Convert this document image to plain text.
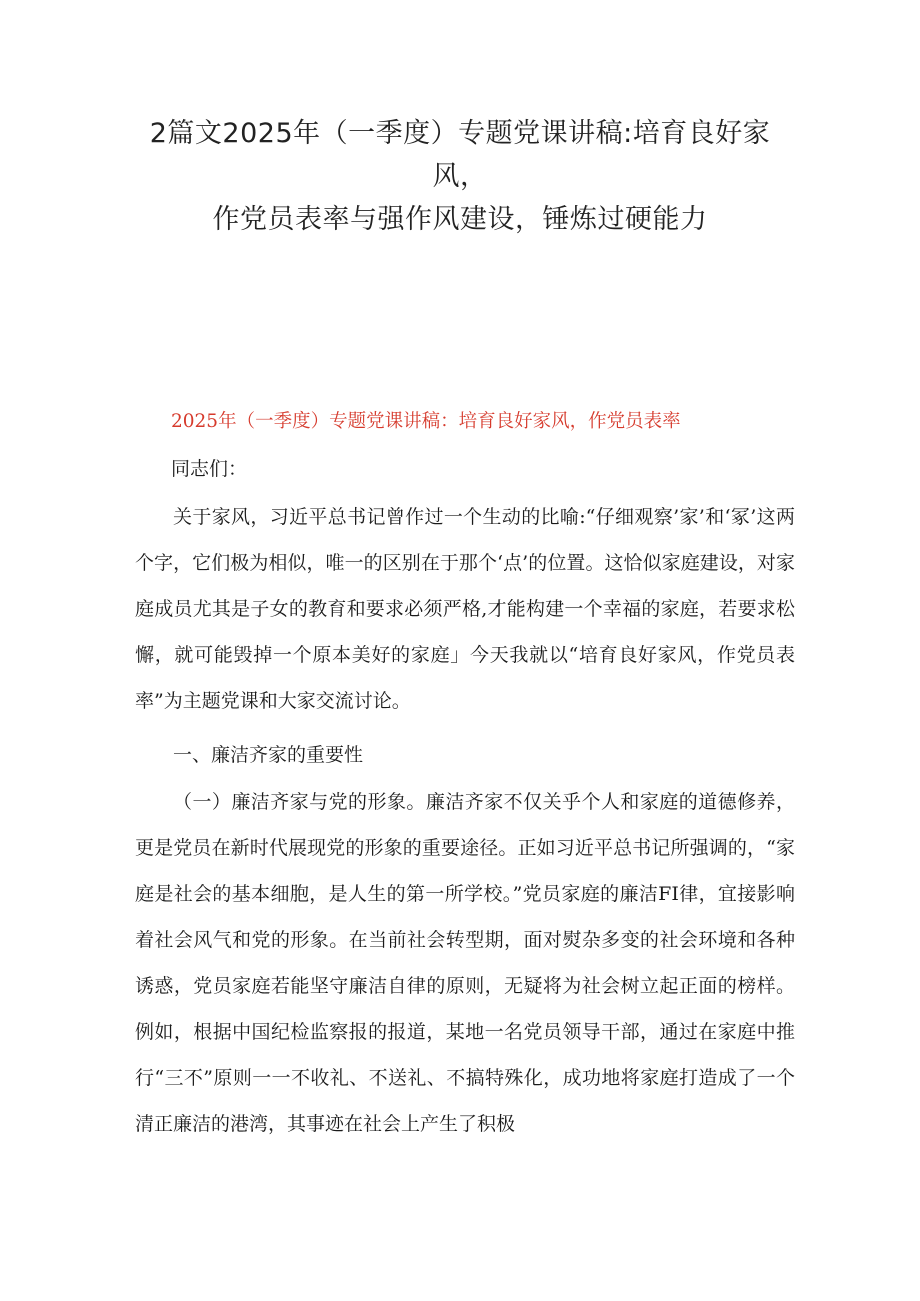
2篇文2025年（一季度）专题党课讲稿:培育良好家
风，
作党员表率与强作风建设，锤炼过硬能力
2025年（一季度）专题党课讲稿：培育良好家风，作党员表率
同志们：

关于家风，习近平总书记曾作过一个生动的比喻:“仔细观察’家’和‘冢’这两个字，它们极为相似，唯一的区别在于那个‘点’的位置。这恰似家庭建设，对家庭成员尤其是子女的教育和要求必须严格,才能构建一个幸福的家庭，若要求松懈，就可能毁掉一个原本美好的家庭」今天我就以“培育良好家风，作党员表率”为主题党课和大家交流讨论。

一、廉洁齐家的重要性

（一）廉洁齐家与党的形象。廉洁齐家不仅关乎个人和家庭的道德修养，更是党员在新时代展现党的形象的重要途径。正如习近平总书记所强调的，“家庭是社会的基本细胞，是人生的第一所学校。”党员家庭的廉洁FI律，宜接影响着社会风气和党的形象。在当前社会转型期，面对熨杂多变的社会环境和各种诱惑，党员家庭若能坚守廉洁自律的原则，无疑将为社会树立起正面的榜样。例如，根据中国纪检监察报的报道，某地一名党员领导干部，通过在家庭中推行“三不”原则一一不收礼、不送礼、不搞特殊化，成功地将家庭打造成了一个清正廉洁的港湾，其事迹在社会上产生了积极
